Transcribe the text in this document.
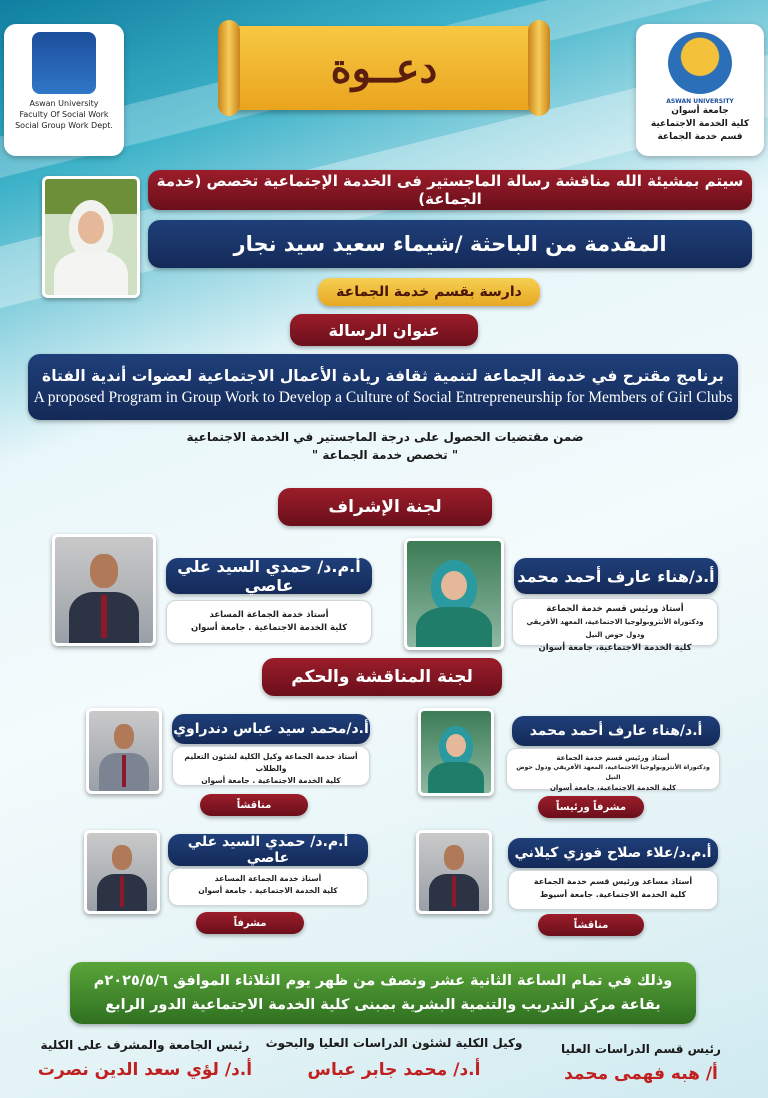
Aswan University
Faculty Of Social Work
Social Group Work Dept.
دعــوة
ASWAN UNIVERSITY
جامعة أسوان
كلية الخدمة الاجتماعية
قسم خدمة الجماعة
سيتم بمشيئة الله مناقشة رسالة الماجستير فى الخدمة الإجتماعية تخصص (خدمة الجماعة)
المقدمة من الباحثة /شيماء سعيد سيد نجار
دارسة بقسم خدمة الجماعة
عنوان الرسالة
برنامج مقترح في خدمة الجماعة لتنمية ثقافة ريادة الأعمال الاجتماعية لعضوات أندية الفتاة
A proposed Program in Group Work to Develop a Culture of Social Entrepreneurship for Members of Girl Clubs
ضمن مقتضيات الحصول على درجة الماجستير في الخدمة الاجتماعية
" تخصص خدمة الجماعة "
لجنة الإشراف
أ.د/هناء عارف أحمد محمد
أستاذ ورئيس قسم خدمة الجماعة
ودكتوراة الأنثروبولوجيا الاجتماعية، المعهد الأفريقي ودول حوض النيل
كلية الخدمة الاجتماعية، جامعة أسوان
أ.م.د/ حمدي السيد علي عاصي
أستاذ خدمة الجماعة المساعد
كلية الخدمة الاجتماعية . جامعة أسوان
لجنة المناقشة والحكم
أ.د/هناء عارف أحمد محمد
أستاذ ورئيس قسم خدمة الجماعة
ودكتوراة الأنثروبولوجيا الاجتماعية، المعهد الأفريقي ودول حوض النيل
كلية الخدمة الاجتماعية، جامعة أسوان
مشرفاً ورئيساً
أ.د/محمد سيد عباس دندراوي
أستاذ خدمة الجماعة وكيل الكلية لشئون التعليم والطلاب
كلية الخدمة الاجتماعية . جامعة أسوان
مناقشاً
أ.م.د/علاء صلاح فوزي كيلاني
أستاذ مساعد ورئيس قسم خدمة الجماعة
كلية الخدمة الاجتماعية. جامعة أسيوط
مناقشاً
أ.م.د/ حمدي السيد علي عاصي
أستاذ خدمة الجماعة المساعد
كلية الخدمة الاجتماعية . جامعة أسوان
مشرفاً
وذلك في تمام الساعة الثانية عشر ونصف من ظهر يوم الثلاثاء الموافق ٢٠٢٥/٥/٦م
بقاعة مركز التدريب والتنمية البشرية بمبنى كلية الخدمة الاجتماعية الدور الرابع
رئيس قسم الدراسات العليا
أ/ هبه فهمى محمد
وكيل الكلية لشئون الدراسات العليا والبحوث
أ.د/ محمد جابر عباس
رئيس الجامعة والمشرف على الكلية
أ.د/ لؤي سعد الدين نصرت
